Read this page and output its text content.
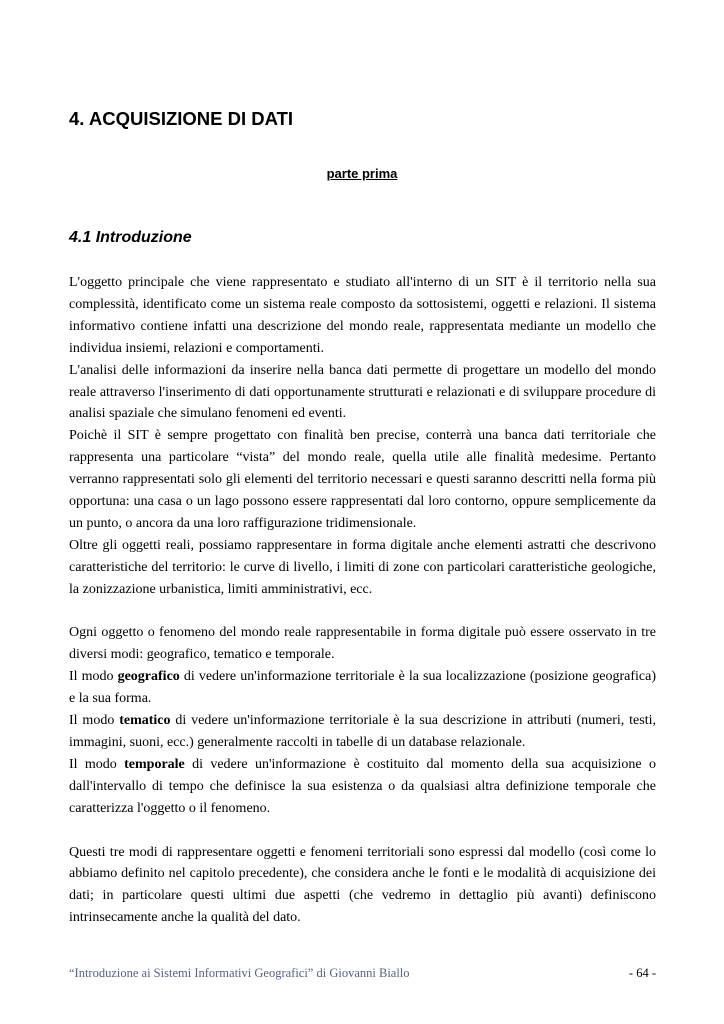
4. ACQUISIZIONE DI DATI
parte prima
4.1 Introduzione

L'oggetto principale che viene rappresentato e studiato all'interno di un SIT è il territorio nella sua complessità, identificato come un sistema reale composto da sottosistemi, oggetti e relazioni. Il sistema informativo contiene infatti una descrizione del mondo reale, rappresentata mediante un modello che individua insiemi, relazioni e comportamenti.

L'analisi delle informazioni da inserire nella banca dati permette di progettare un modello del mondo reale attraverso l'inserimento di dati opportunamente strutturati e relazionati e di sviluppare procedure di analisi spaziale che simulano fenomeni ed eventi.

Poichè il SIT è sempre progettato con finalità ben precise, conterrà una banca dati territoriale che rappresenta una particolare “vista” del mondo reale, quella utile alle finalità medesime. Pertanto verranno rappresentati solo gli elementi del territorio necessari e questi saranno descritti nella forma più opportuna: una casa o un lago possono essere rappresentati dal loro contorno, oppure semplicemente da un punto, o ancora da una loro raffigurazione tridimensionale.

Oltre gli oggetti reali, possiamo rappresentare in forma digitale anche elementi astratti che descrivono caratteristiche del territorio: le curve di livello, i limiti di zone con particolari caratteristiche geologiche, la zonizzazione urbanistica, limiti amministrativi, ecc.

Ogni oggetto o fenomeno del mondo reale rappresentabile in forma digitale può essere osservato in tre diversi modi: geografico, tematico e temporale.

Il modo geografico di vedere un'informazione territoriale è la sua localizzazione (posizione geografica) e la sua forma.

Il modo tematico di vedere un'informazione territoriale è la sua descrizione in attributi (numeri, testi, immagini, suoni, ecc.) generalmente raccolti in tabelle di un database relazionale.

Il modo temporale di vedere un'informazione è costituito dal momento della sua acquisizione o dall'intervallo di tempo che definisce la sua esistenza o da qualsiasi altra definizione temporale che caratterizza l'oggetto o il fenomeno.

Questi tre modi di rappresentare oggetti e fenomeni territoriali sono espressi dal modello (così come lo abbiamo definito nel capitolo precedente), che considera anche le fonti e le modalità di acquisizione dei dati; in particolare questi ultimi due aspetti (che vedremo in dettaglio più avanti) definiscono intrinsecamente anche la qualità del dato.

“Introduzione ai Sistemi Informativi Geografici” di Giovanni Biallo	- 64 -
